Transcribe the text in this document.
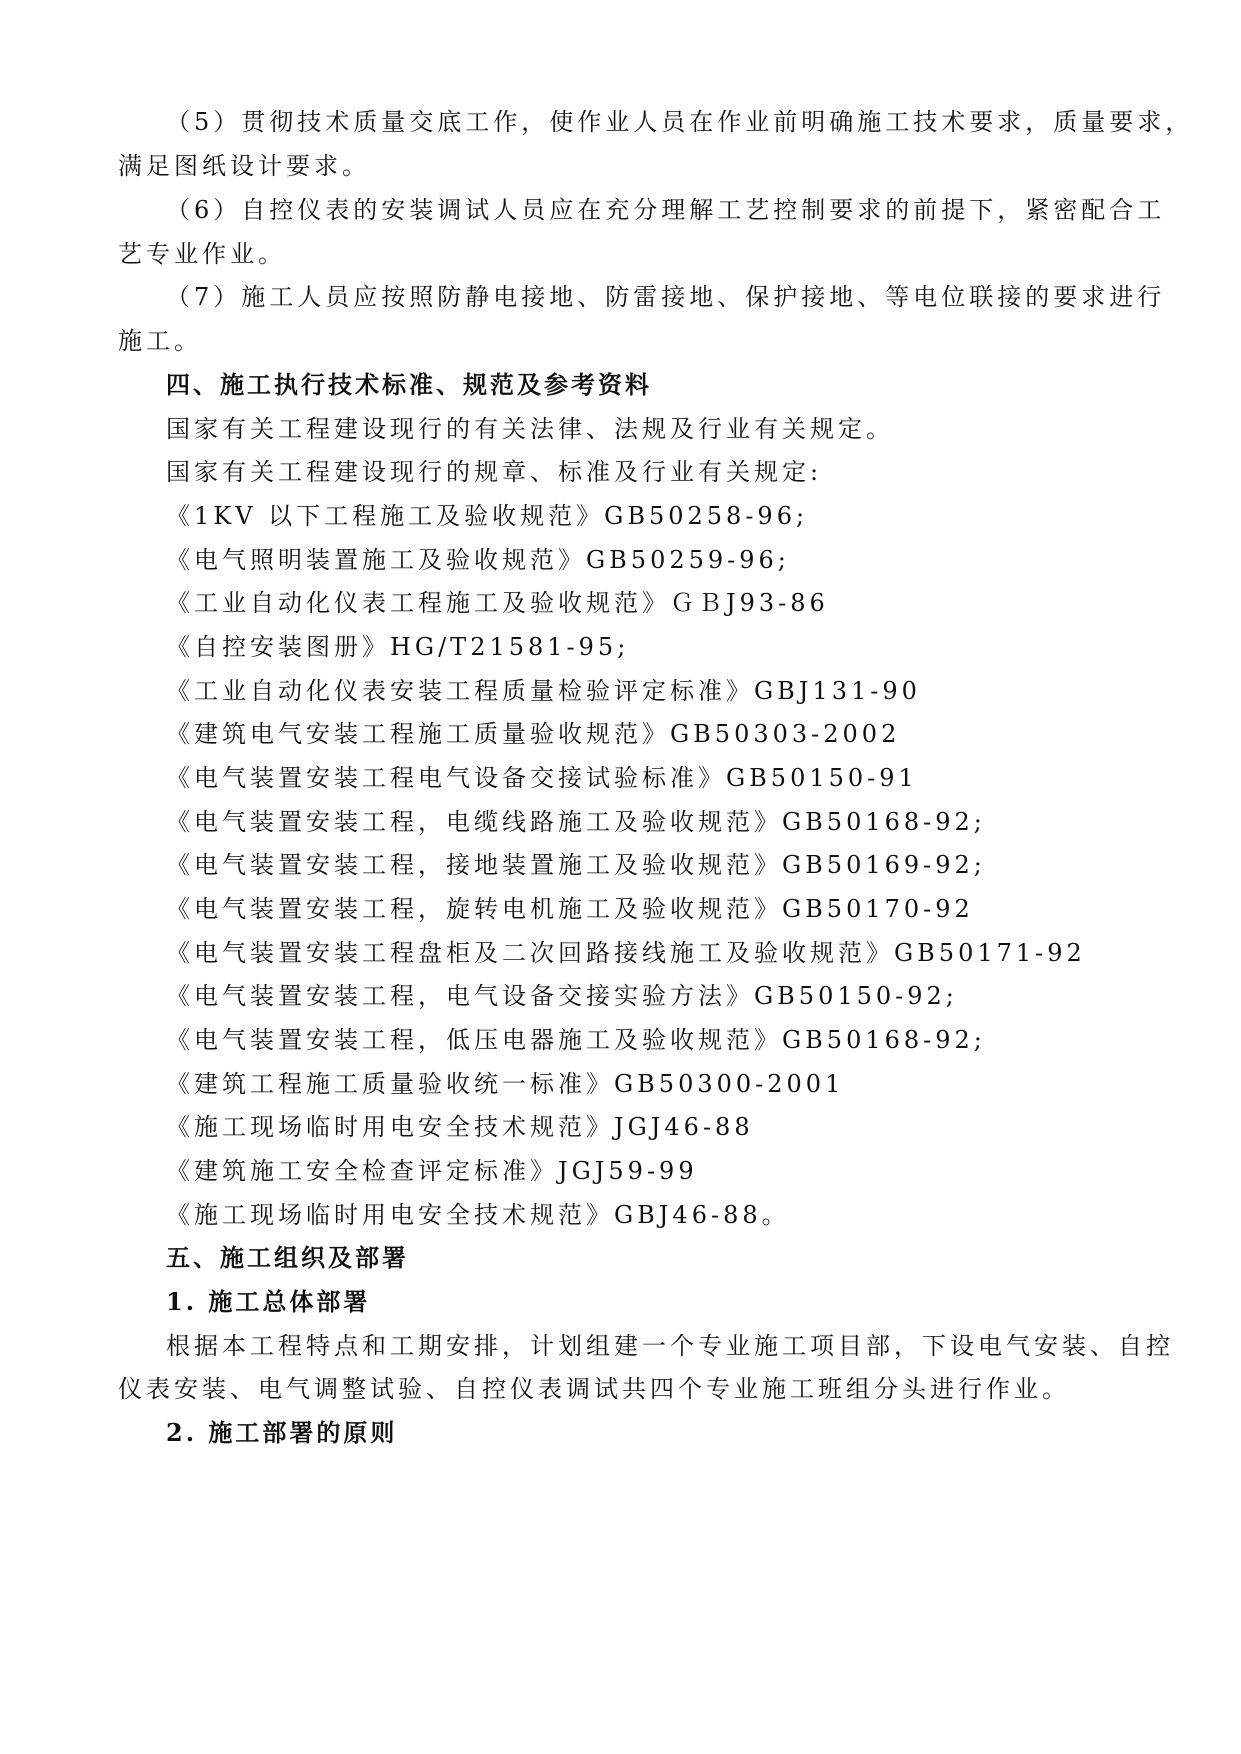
（5）贯彻技术质量交底工作，使作业人员在作业前明确施工技术要求，质量要求，
满足图纸设计要求。
（6）自控仪表的安装调试人员应在充分理解工艺控制要求的前提下，紧密配合工
艺专业作业。
（7）施工人员应按照防静电接地、防雷接地、保护接地、等电位联接的要求进行
施工。
四、施工执行技术标准、规范及参考资料
国家有关工程建设现行的有关法律、法规及行业有关规定。
国家有关工程建设现行的规章、标准及行业有关规定:
《1KV 以下工程施工及验收规范》GB50258-96;
《电气照明装置施工及验收规范》GB50259-96;
《工业自动化仪表工程施工及验收规范》ＧＢJ93-86
《自控安装图册》HG/T21581-95;
《工业自动化仪表安装工程质量检验评定标准》GBJ131-90
《建筑电气安装工程施工质量验收规范》GB50303-2002
《电气装置安装工程电气设备交接试验标准》GB50150-91
《电气装置安装工程，电缆线路施工及验收规范》GB50168-92;
《电气装置安装工程，接地装置施工及验收规范》GB50169-92;
《电气装置安装工程，旋转电机施工及验收规范》GB50170-92
《电气装置安装工程盘柜及二次回路接线施工及验收规范》GB50171-92
《电气装置安装工程，电气设备交接实验方法》GB50150-92;
《电气装置安装工程，低压电器施工及验收规范》GB50168-92;
《建筑工程施工质量验收统一标准》GB50300-2001
《施工现场临时用电安全技术规范》JGJ46-88
《建筑施工安全检查评定标准》JGJ59-99
《施工现场临时用电安全技术规范》GBJ46-88。
五、施工组织及部署
1. 施工总体部署
根据本工程特点和工期安排，计划组建一个专业施工项目部，下设电气安装、自控
仪表安装、电气调整试验、自控仪表调试共四个专业施工班组分头进行作业。
2. 施工部署的原则
